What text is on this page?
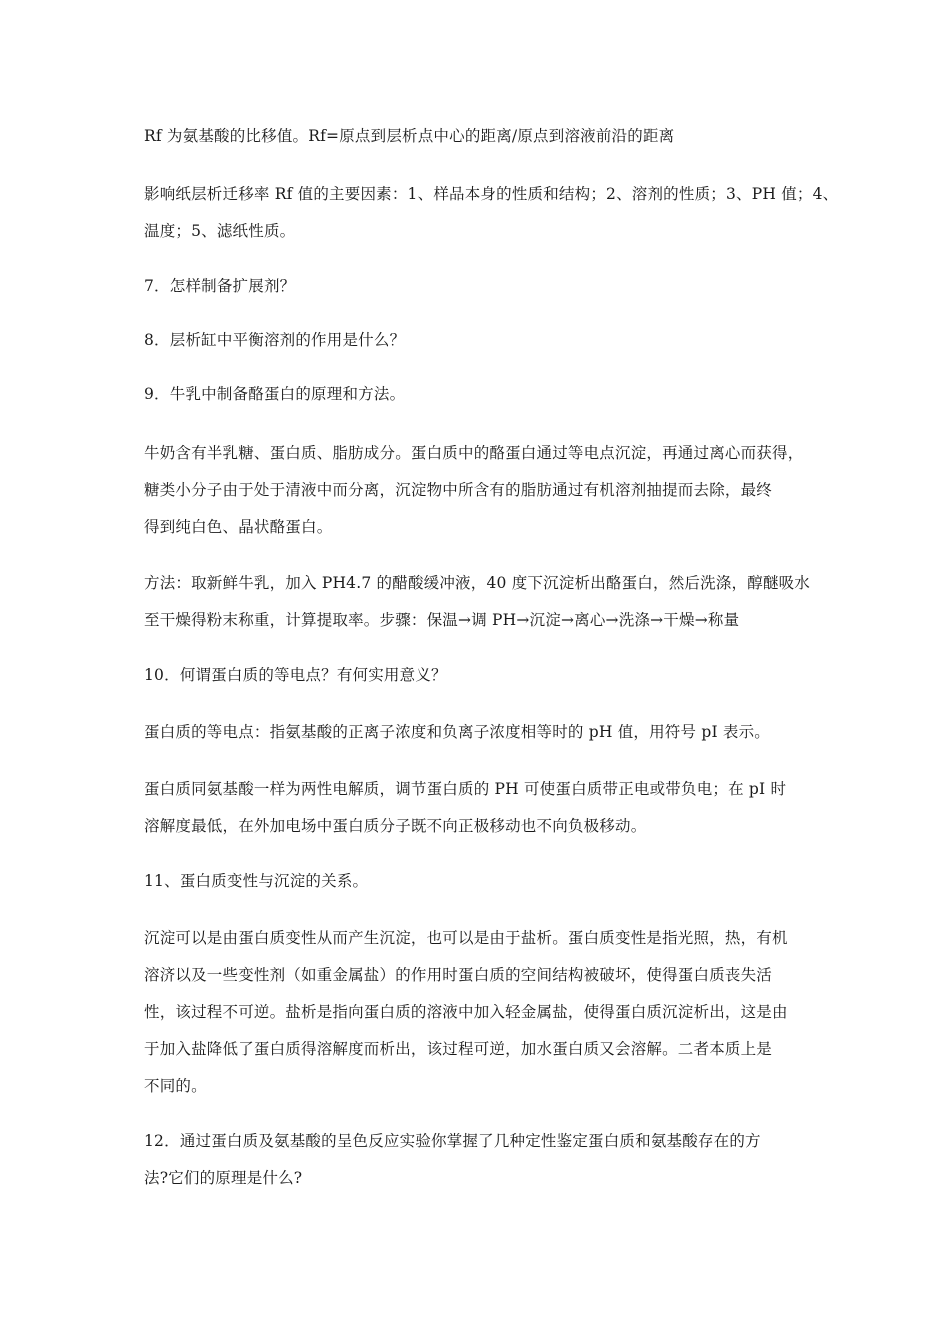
Rf 为氨基酸的比移值。Rf=原点到层析点中心的距离/原点到溶液前沿的距离

影响纸层析迁移率 Rf 值的主要因素：1、样品本身的性质和结构；2、溶剂的性质；3、PH 值；4、
温度；5、滤纸性质。

7．怎样制备扩展剂？

8．层析缸中平衡溶剂的作用是什么？

9．牛乳中制备酪蛋白的原理和方法。

牛奶含有半乳糖、蛋白质、脂肪成分。蛋白质中的酪蛋白通过等电点沉淀，再通过离心而获得，
糖类小分子由于处于清液中而分离，沉淀物中所含有的脂肪通过有机溶剂抽提而去除，最终
得到纯白色、晶状酪蛋白。

方法：取新鲜牛乳，加入 PH4.7 的醋酸缓冲液，40 度下沉淀析出酪蛋白，然后洗涤，醇醚吸水
至干燥得粉末称重，计算提取率。步骤：保温→调 PH→沉淀→离心→洗涤→干燥→称量

10．何谓蛋白质的等电点？有何实用意义？

蛋白质的等电点：指氨基酸的正离子浓度和负离子浓度相等时的 pH 值，用符号 pI 表示。

蛋白质同氨基酸一样为两性电解质，调节蛋白质的 PH 可使蛋白质带正电或带负电；在 pI 时
溶解度最低，在外加电场中蛋白质分子既不向正极移动也不向负极移动。

11、蛋白质变性与沉淀的关系。

沉淀可以是由蛋白质变性从而产生沉淀，也可以是由于盐析。蛋白质变性是指光照，热，有机
溶济以及一些变性剂（如重金属盐）的作用时蛋白质的空间结构被破坏，使得蛋白质丧失活
性，该过程不可逆。盐析是指向蛋白质的溶液中加入轻金属盐，使得蛋白质沉淀析出，这是由
于加入盐降低了蛋白质得溶解度而析出，该过程可逆，加水蛋白质又会溶解。二者本质上是
不同的。

12．通过蛋白质及氨基酸的呈色反应实验你掌握了几种定性鉴定蛋白质和氨基酸存在的方
法?它们的原理是什么?
